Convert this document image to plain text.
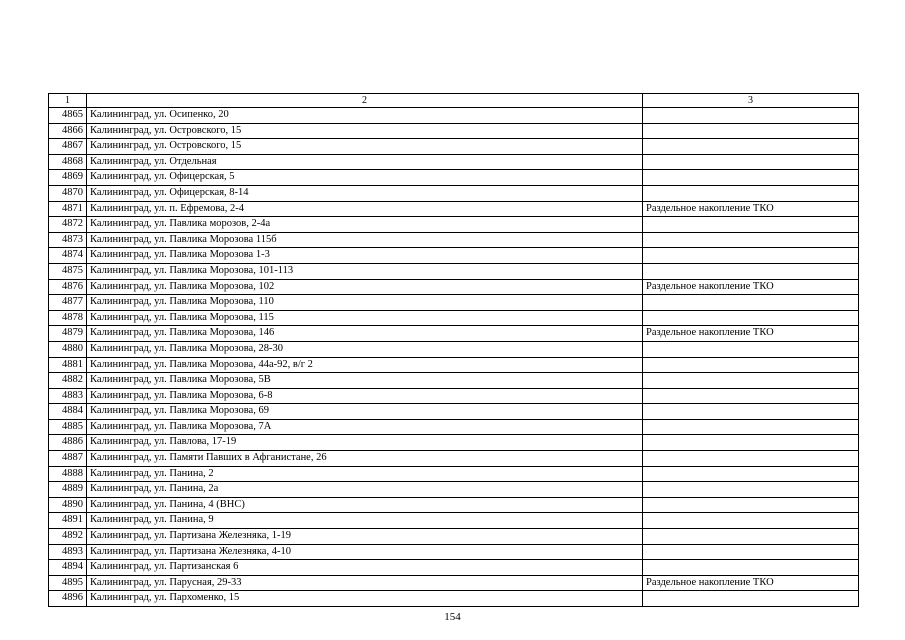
1	2	3
4865	Калининград, ул. Осипенко, 20	
4866	Калининград, ул. Островского, 15	
4867	Калининград, ул. Островского, 15	
4868	Калининград, ул. Отдельная	
4869	Калининград, ул. Офицерская, 5	
4870	Калининград, ул. Офицерская, 8-14	
4871	Калининград, ул. п. Ефремова, 2-4	Раздельное накопление ТКО
4872	Калининград, ул. Павлика морозов, 2-4а	
4873	Калининград, ул. Павлика Морозова 115б	
4874	Калининград, ул. Павлика Морозова 1-3	
4875	Калининград, ул. Павлика Морозова, 101-113	
4876	Калининград, ул. Павлика Морозова, 102	Раздельное накопление ТКО
4877	Калининград, ул. Павлика Морозова, 110	
4878	Калининград, ул. Павлика Морозова, 115	
4879	Калининград, ул. Павлика Морозова, 146	Раздельное накопление ТКО
4880	Калининград, ул. Павлика Морозова, 28-30	
4881	Калининград, ул. Павлика Морозова, 44а-92, в/г 2	
4882	Калининград, ул. Павлика Морозова, 5В	
4883	Калининград, ул. Павлика Морозова, 6-8	
4884	Калининград, ул. Павлика Морозова, 69	
4885	Калининград, ул. Павлика Морозова, 7А	
4886	Калининград, ул. Павлова, 17-19	
4887	Калининград, ул. Памяти Павших в Афганистане, 26	
4888	Калининград, ул. Панина, 2	
4889	Калининград, ул. Панина, 2а	
4890	Калининград, ул. Панина, 4 (ВНС)	
4891	Калининград, ул. Панина, 9	
4892	Калининград, ул. Партизана Железняка, 1-19	
4893	Калининград, ул. Партизана Железняка, 4-10	
4894	Калининград, ул. Партизанская 6	
4895	Калининград, ул. Парусная, 29-33	Раздельное накопление ТКО
4896	Калининград, ул. Пархоменко, 15	
154
